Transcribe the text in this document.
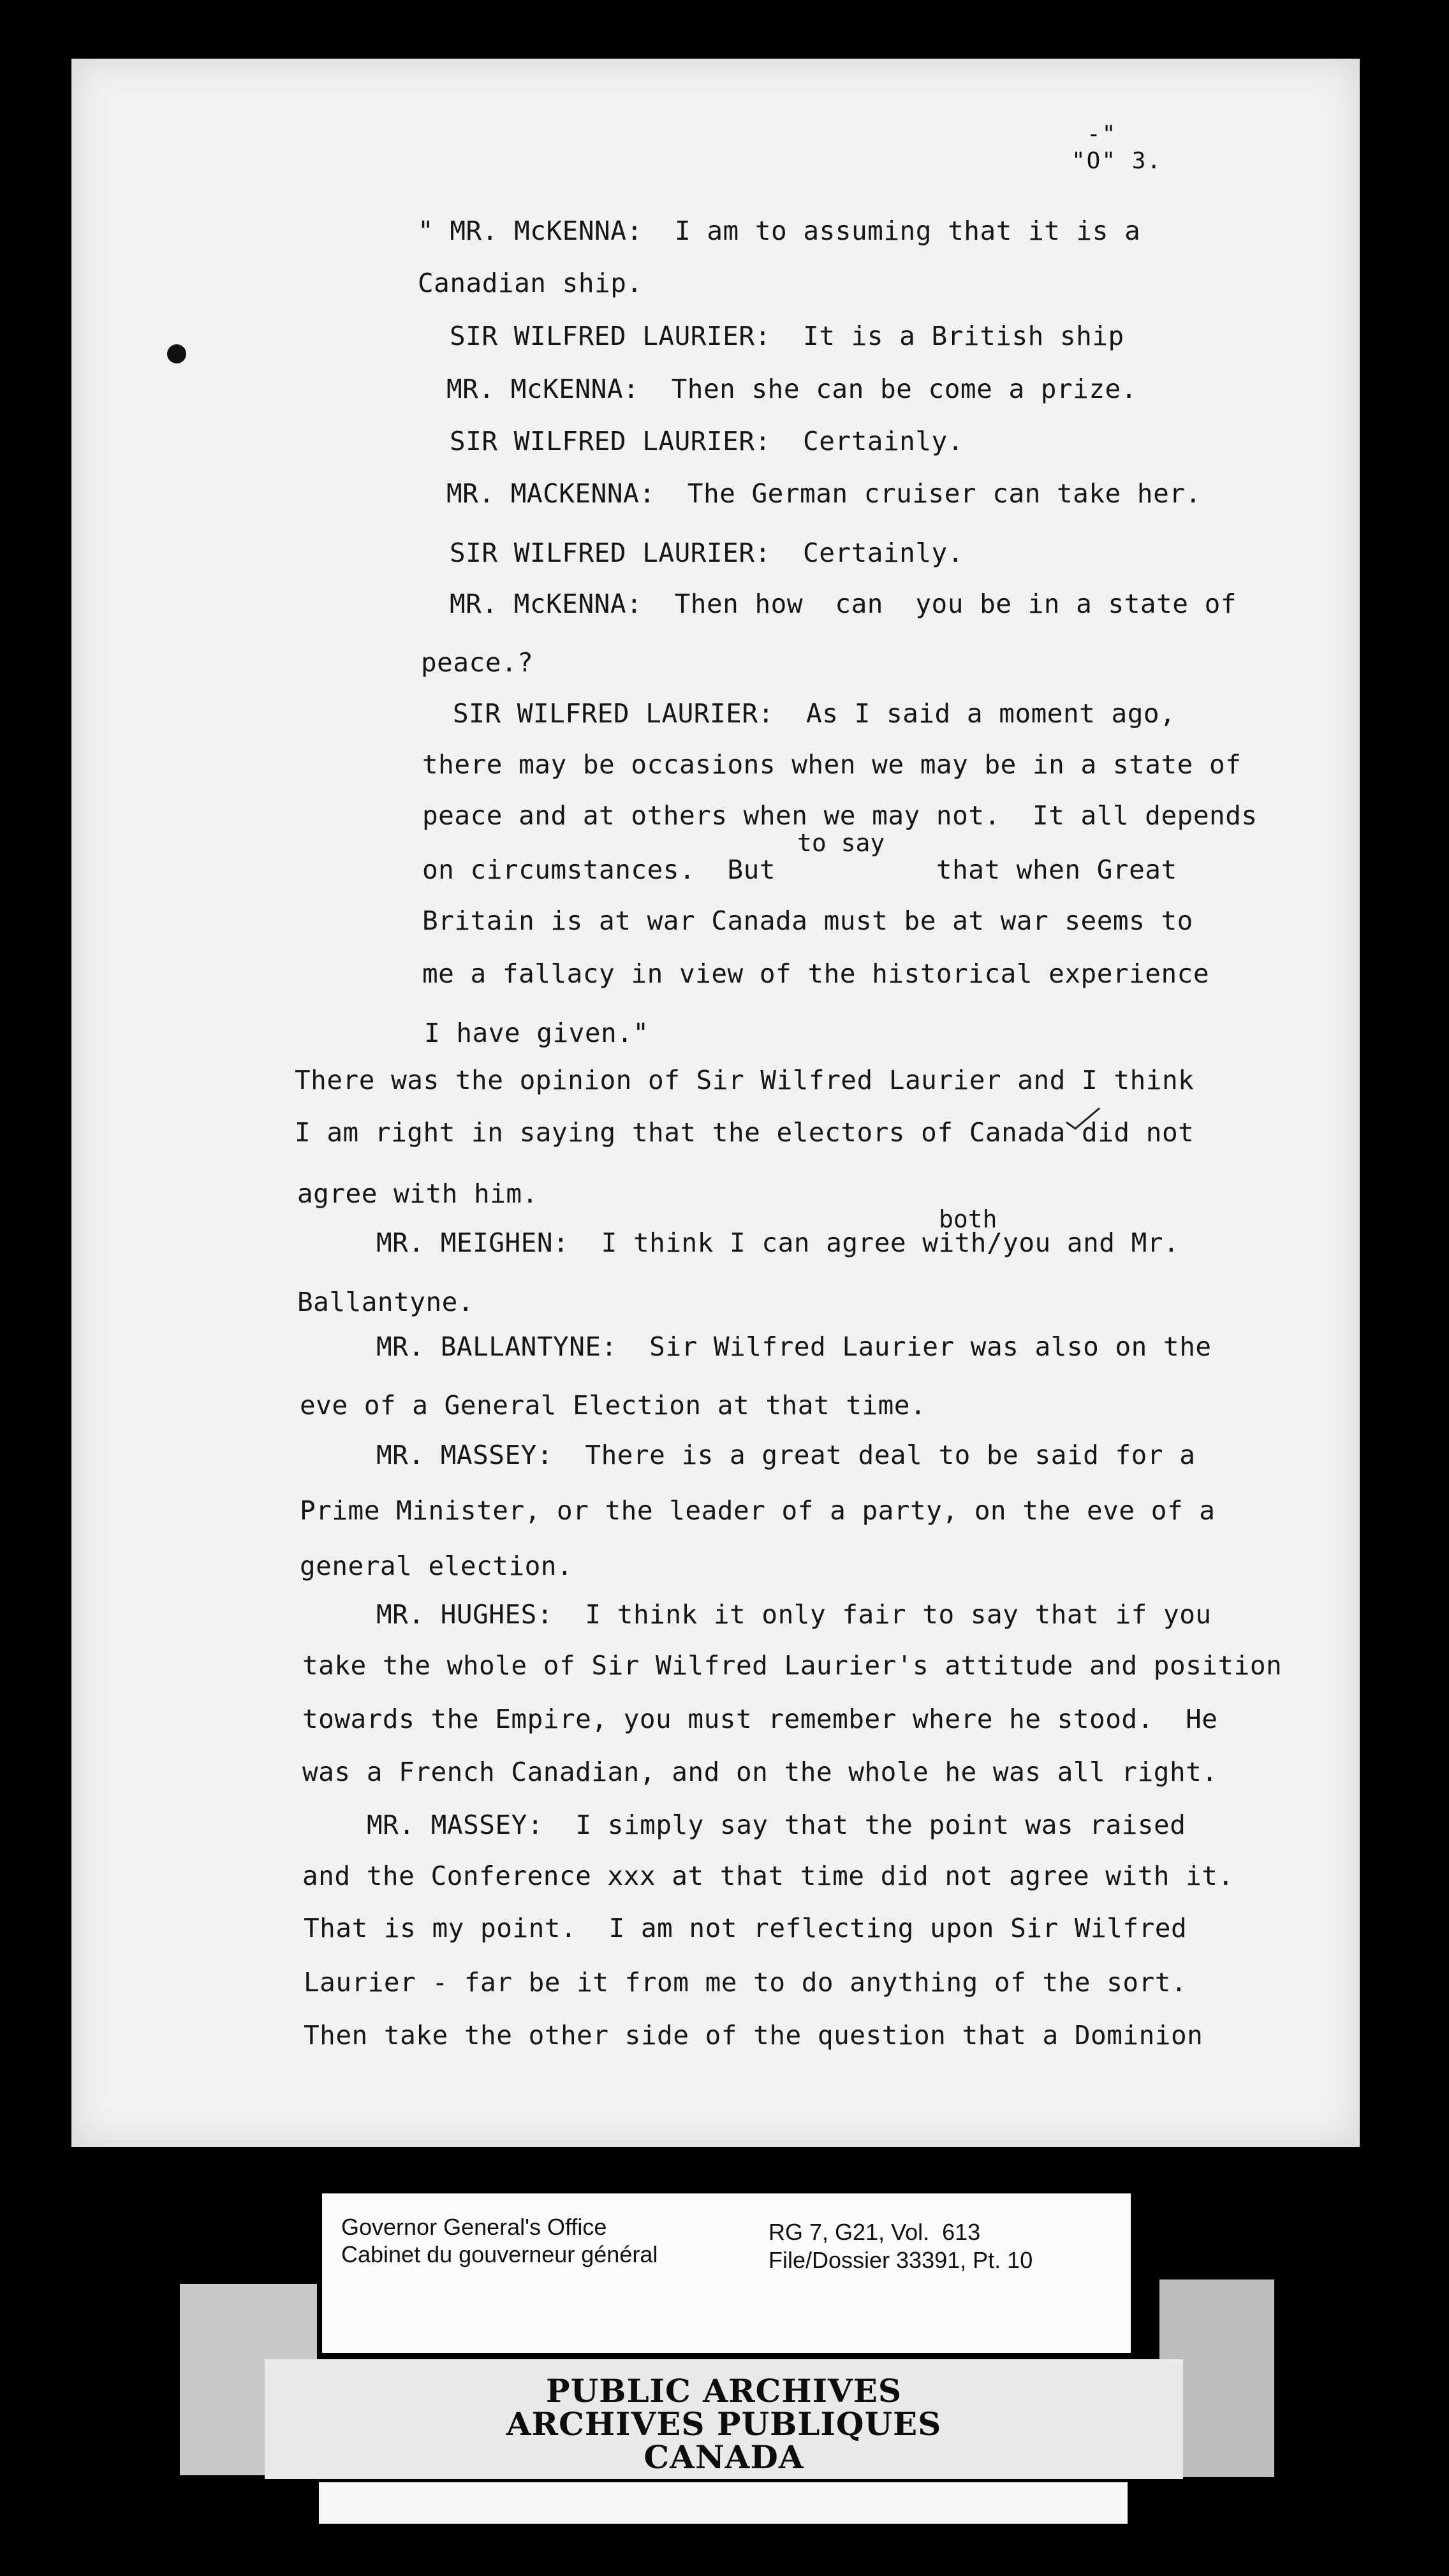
-"
"O" 3.
" MR. McKENNA:  I am to assuming that it is a
Canadian ship.
SIR WILFRED LAURIER:  It is a British ship
MR. McKENNA:  Then she can be come a prize.
SIR WILFRED LAURIER:  Certainly.
MR. MACKENNA:  The German cruiser can take her.
SIR WILFRED LAURIER:  Certainly.
MR. McKENNA:  Then how  can  you be in a state of
peace.?
SIR WILFRED LAURIER:  As I said a moment ago,
there may be occasions when we may be in a state of
peace and at others when we may not.  It all depends
to say
on circumstances.  But          that when Great
Britain is at war Canada must be at war seems to
me a fallacy in view of the historical experience
I have given."
There was the opinion of Sir Wilfred Laurier and I think
I am right in saying that the electors of Canada did not
agree with him.
both
MR. MEIGHEN:  I think I can agree with/you and Mr.
Ballantyne.
MR. BALLANTYNE:  Sir Wilfred Laurier was also on the
eve of a General Election at that time.
MR. MASSEY:  There is a great deal to be said for a
Prime Minister, or the leader of a party, on the eve of a
general election.
MR. HUGHES:  I think it only fair to say that if you
take the whole of Sir Wilfred Laurier's attitude and position
towards the Empire, you must remember where he stood.  He
was a French Canadian, and on the whole he was all right.
MR. MASSEY:  I simply say that the point was raised
and the Conference xxx at that time did not agree with it.
That is my point.  I am not reflecting upon Sir Wilfred
Laurier - far be it from me to do anything of the sort.
Then take the other side of the question that a Dominion
Governor General's Office
Cabinet du gouverneur général
RG 7, G21, Vol.  613
File/Dossier 33391, Pt. 10
PUBLIC ARCHIVES
ARCHIVES PUBLIQUES
CANADA
